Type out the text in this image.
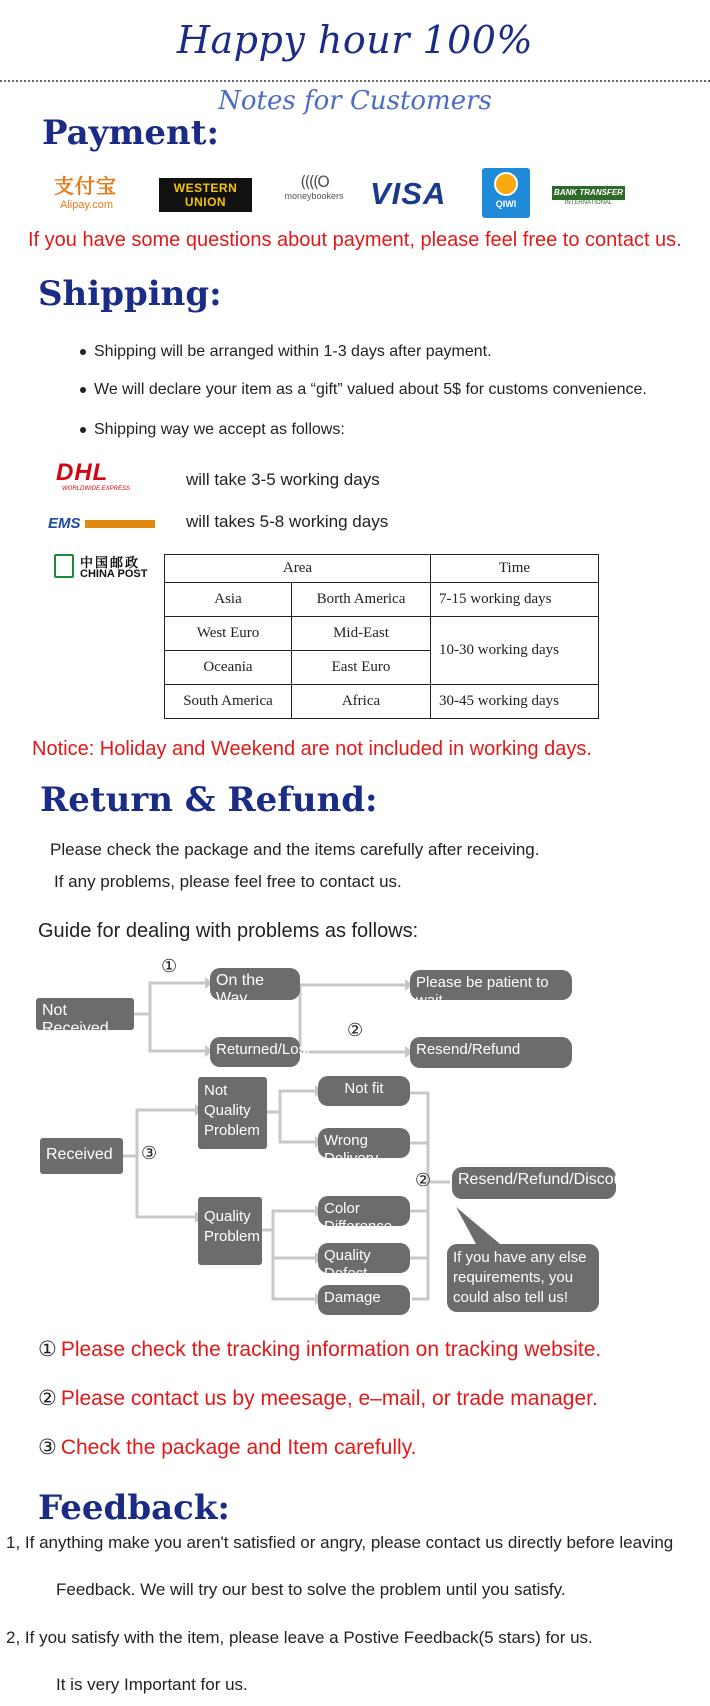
Happy hour 100%
Notes for Customers
Payment:
支付宝
Alipay.com
WESTERN
UNION
((((O
moneybookers VISA	QIWI
BANK TRANSFER
INTERNATIONAL
If you have some questions about payment, please feel free to contact us.
Shipping:
Shipping will be arranged within 1-3 days after payment.
We will declare your item as a “gift” valued about 5$ for customs convenience.
Shipping way we accept as follows:
DHL
WORLDWIDE EXPRESS	will take 3-5 working days
EMS	will takes 5-8 working days
中国邮政
CHINA POST	Area		Time
Asia	Borth America	7-15 working days
West Euro	Mid-East	10-30 working days
Oceania	East Euro	
South America	Africa	30-45 working days
Notice: Holiday and Weekend are not included in working days.
Return & Refund:
Please check the package and the items carefully after receiving.
If any problems, please feel free to contact us.
Guide for dealing with problems as follows:
Not Received
①
On the Way
Returned/Lost
Please be patient to wait
②
Resend/Refund
Received	③
Not Quality Problem
Quality Problem
Not fit
Wrong Delivery
Color Difference
Quality Defect
Damage
②	Resend/Refund/Discount
If you have any else requirements, you could also tell us!
① Please check the tracking information on tracking website.
② Please contact us by meesage, e–mail, or trade manager.
③ Check the package and Item carefully.
Feedback:
1, If anything make you aren't satisfied or angry, please contact us directly before leaving
Feedback. We will try our best to solve the problem until you satisfy.
2, If you satisfy with the item, please leave a Postive Feedback(5 stars) for us.
It is very Important for us.
